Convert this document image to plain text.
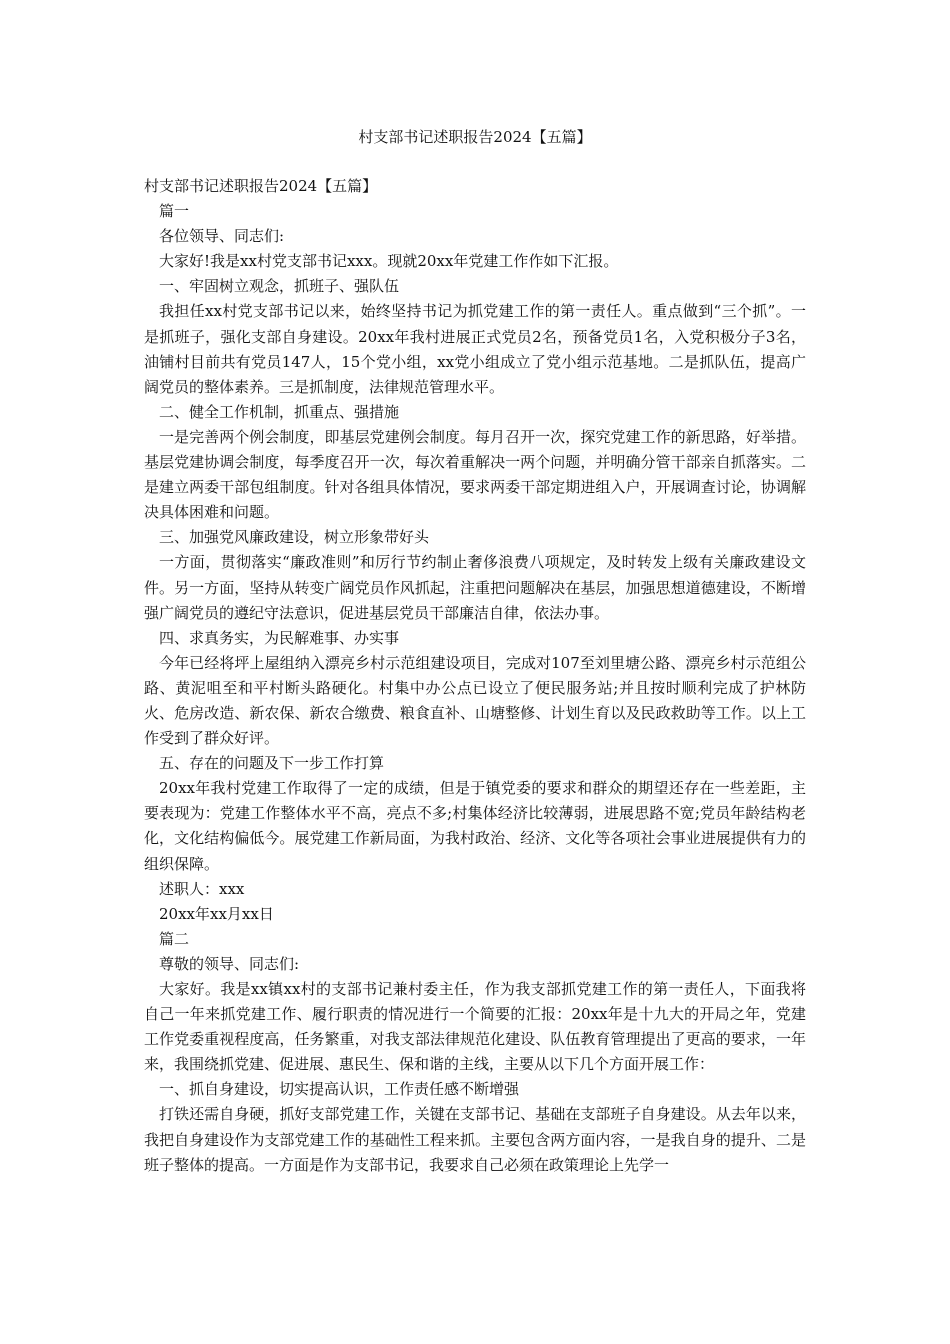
村支部书记述职报告2024【五篇】

村支部书记述职报告2024【五篇】

篇一

各位领导、同志们:

大家好!我是xx村党支部书记xxx。现就20xx年党建工作作如下汇报。

一、牢固树立观念，抓班子、强队伍

我担任xx村党支部书记以来，始终坚持书记为抓党建工作的第一责任人。重点做到“三个抓”。一是抓班子，强化支部自身建设。20xx年我村进展正式党员2名，预备党员1名，入党积极分子3名，油铺村目前共有党员147人，15个党小组，xx党小组成立了党小组示范基地。二是抓队伍，提高广阔党员的整体素养。三是抓制度，法律规范管理水平。

二、健全工作机制，抓重点、强措施

一是完善两个例会制度，即基层党建例会制度。每月召开一次，探究党建工作的新思路，好举措。基层党建协调会制度，每季度召开一次，每次着重解决一两个问题，并明确分管干部亲自抓落实。二是建立两委干部包组制度。针对各组具体情况，要求两委干部定期进组入户，开展调查讨论，协调解决具体困难和问题。

三、加强党风廉政建设，树立形象带好头

一方面，贯彻落实“廉政准则”和厉行节约制止奢侈浪费八项规定，及时转发上级有关廉政建设文件。另一方面，坚持从转变广阔党员作风抓起，注重把问题解决在基层，加强思想道德建设，不断增强广阔党员的遵纪守法意识，促进基层党员干部廉洁自律，依法办事。

四、求真务实，为民解难事、办实事

今年已经将坪上屋组纳入漂亮乡村示范组建设项目，完成对107至刘里塘公路、漂亮乡村示范组公路、黄泥咀至和平村断头路硬化。村集中办公点已设立了便民服务站;并且按时顺利完成了护林防火、危房改造、新农保、新农合缴费、粮食直补、山塘整修、计划生育以及民政救助等工作。以上工作受到了群众好评。

五、存在的问题及下一步工作打算

20xx年我村党建工作取得了一定的成绩，但是于镇党委的要求和群众的期望还存在一些差距，主要表现为：党建工作整体水平不高，亮点不多;村集体经济比较薄弱，进展思路不宽;党员年龄结构老化，文化结构偏低今。展党建工作新局面，为我村政治、经济、文化等各项社会事业进展提供有力的组织保障。

述职人：xxx

20xx年xx月xx日

篇二

尊敬的领导、同志们:

大家好。我是xx镇xx村的支部书记兼村委主任，作为我支部抓党建工作的第一责任人，下面我将自己一年来抓党建工作、履行职责的情况进行一个简要的汇报：20xx年是十九大的开局之年，党建工作党委重视程度高，任务繁重，对我支部法律规范化建设、队伍教育管理提出了更高的要求，一年来，我围绕抓党建、促进展、惠民生、保和谐的主线，主要从以下几个方面开展工作：

一、抓自身建设，切实提高认识，工作责任感不断增强

打铁还需自身硬，抓好支部党建工作，关键在支部书记、基础在支部班子自身建设。从去年以来，我把自身建设作为支部党建工作的基础性工程来抓。主要包含两方面内容，一是我自身的提升、二是班子整体的提高。一方面是作为支部书记，我要求自己必须在政策理论上先学一
